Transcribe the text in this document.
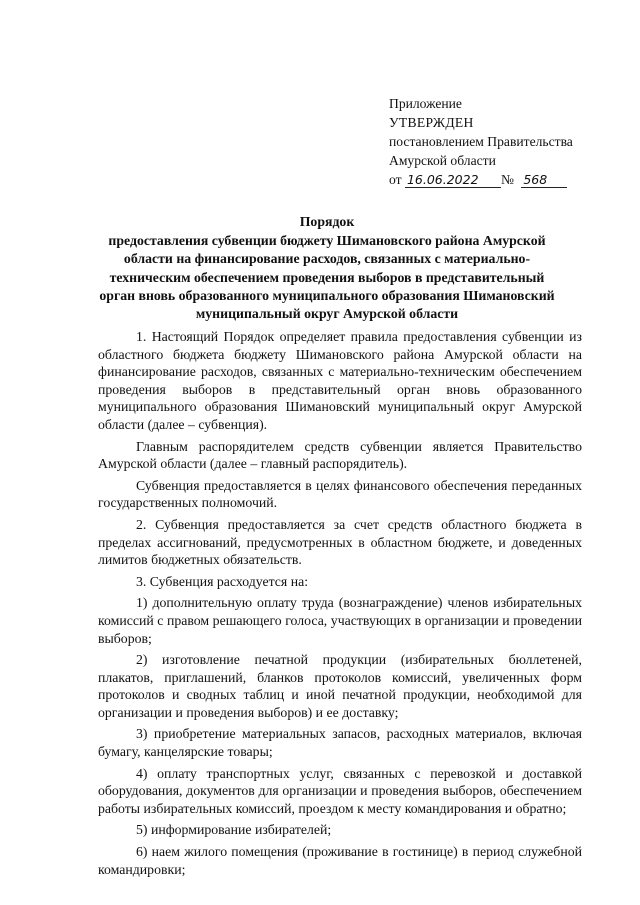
Приложение
УТВЕРЖДЕН
постановлением Правительства
Амурской области
от 16.06.2022 № 568
Порядок
предоставления субвенции бюджету Шимановского района Амурской области на финансирование расходов, связанных с материально-техническим обеспечением проведения выборов в представительный орган вновь образованного муниципального образования Шимановский муниципальный округ Амурской области

1. Настоящий Порядок определяет правила предоставления субвенции из областного бюджета бюджету Шимановского района Амурской области на финансирование расходов, связанных с материально-техническим обеспечением проведения выборов в представительный орган вновь образованного муниципального образования Шимановский муниципальный округ Амурской области (далее – субвенция).

Главным распорядителем средств субвенции является Правительство Амурской области (далее – главный распорядитель).

Субвенция предоставляется в целях финансового обеспечения переданных государственных полномочий.

2. Субвенция предоставляется за счет средств областного бюджета в пределах ассигнований, предусмотренных в областном бюджете, и доведенных лимитов бюджетных обязательств.

3. Субвенция расходуется на:

1) дополнительную оплату труда (вознаграждение) членов избирательных комиссий с правом решающего голоса, участвующих в организации и проведении выборов;

2) изготовление печатной продукции (избирательных бюллетеней, плакатов, приглашений, бланков протоколов комиссий, увеличенных форм протоколов и сводных таблиц и иной печатной продукции, необходимой для организации и проведения выборов) и ее доставку;

3) приобретение материальных запасов, расходных материалов, включая бумагу, канцелярские товары;

4) оплату транспортных услуг, связанных с перевозкой и доставкой оборудования, документов для организации и проведения выборов, обеспечением работы избирательных комиссий, проездом к месту командирования и обратно;

5) информирование избирателей;

6) наем жилого помещения (проживание в гостинице) в период служебной командировки;
